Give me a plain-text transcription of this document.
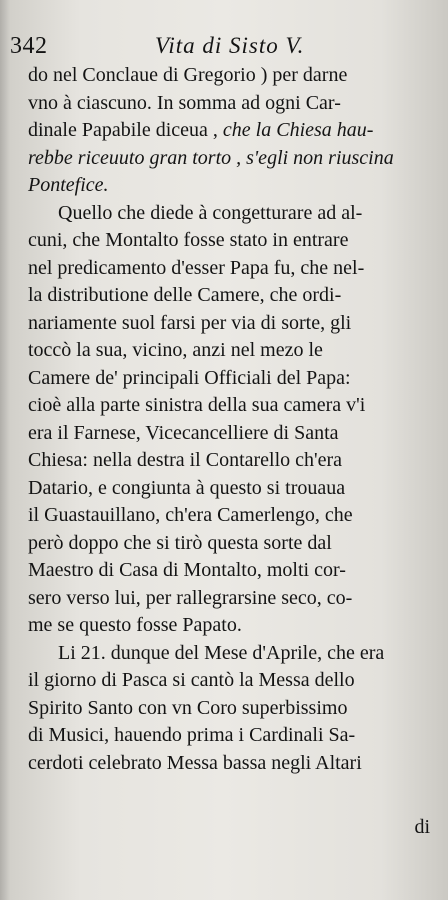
342	Vita di Sisto V.
do nel Conclaue di Gregorio ) per darne
vno à ciascuno. In somma ad ogni Car-
dinale Papabile diceua , che la Chiesa hau-
rebbe riceuuto gran torto , s'egli non riuscina
Pontefice.
Quello che diede à congetturare ad al-
cuni, che Montalto fosse stato in entrare
nel predicamento d'esser Papa fu, che nel-
la distributione delle Camere, che ordi-
nariamente suol farsi per via di sorte, gli
toccò la sua, vicino, anzi nel mezo le
Camere de' principali Officiali del Papa:
cioè alla parte sinistra della sua camera v'i
era il Farnese, Vicecancelliere di Santa
Chiesa: nella destra il Contarello ch'era
Datario, e congiunta à questo si trouaua
il Guastauillano, ch'era Camerlengo, che
però doppo che si tirò questa sorte dal
Maestro di Casa di Montalto, molti cor-
sero verso lui, per rallegrarsine seco, co-
me se questo fosse Papato.
Li 21. dunque del Mese d'Aprile, che era
il giorno di Pasca si cantò la Messa dello
Spirito Santo con vn Coro superbissimo
di Musici, hauendo prima i Cardinali Sa-
cerdoti celebrato Messa bassa negli Altari
di
